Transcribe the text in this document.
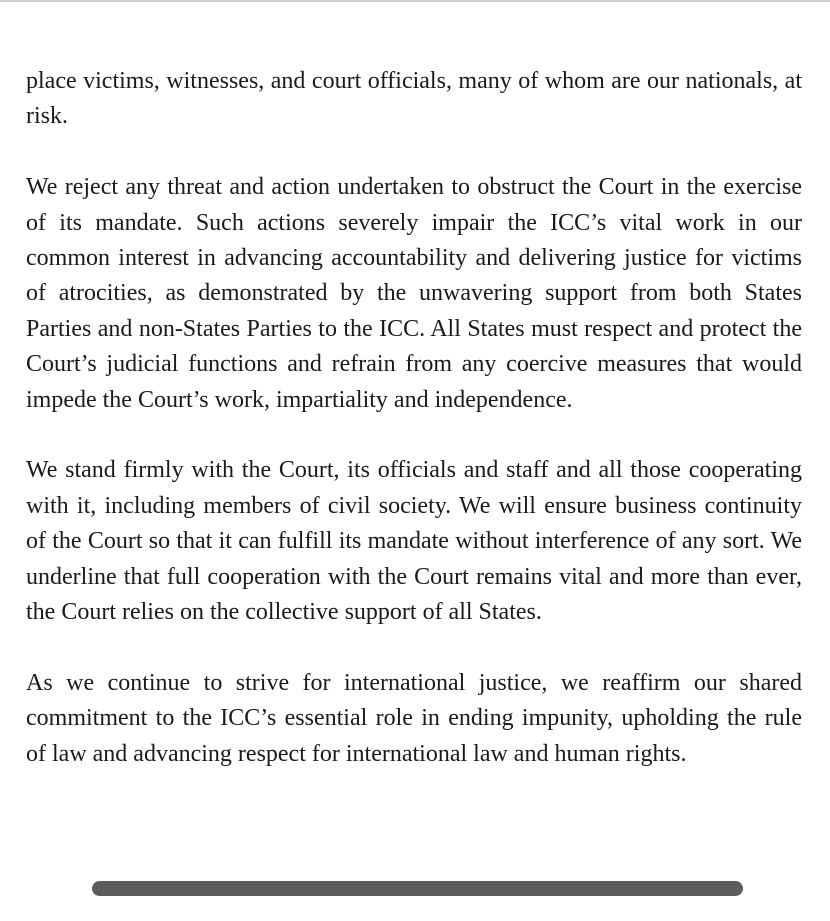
place victims, witnesses, and court officials, many of whom are our nationals, at risk.

We reject any threat and action undertaken to obstruct the Court in the exercise of its mandate. Such actions severely impair the ICC’s vital work in our common interest in advancing accountability and delivering justice for victims of atrocities, as demonstrated by the unwavering support from both States Parties and non-States Parties to the ICC. All States must respect and protect the Court’s judicial functions and refrain from any coercive measures that would impede the Court’s work, impartiality and independence.

We stand firmly with the Court, its officials and staff and all those cooperating with it, including members of civil society. We will ensure business continuity of the Court so that it can fulfill its mandate without interference of any sort. We underline that full cooperation with the Court remains vital and more than ever, the Court relies on the collective support of all States.

As we continue to strive for international justice, we reaffirm our shared commitment to the ICC’s essential role in ending impunity, upholding the rule of law and advancing respect for international law and human rights.
